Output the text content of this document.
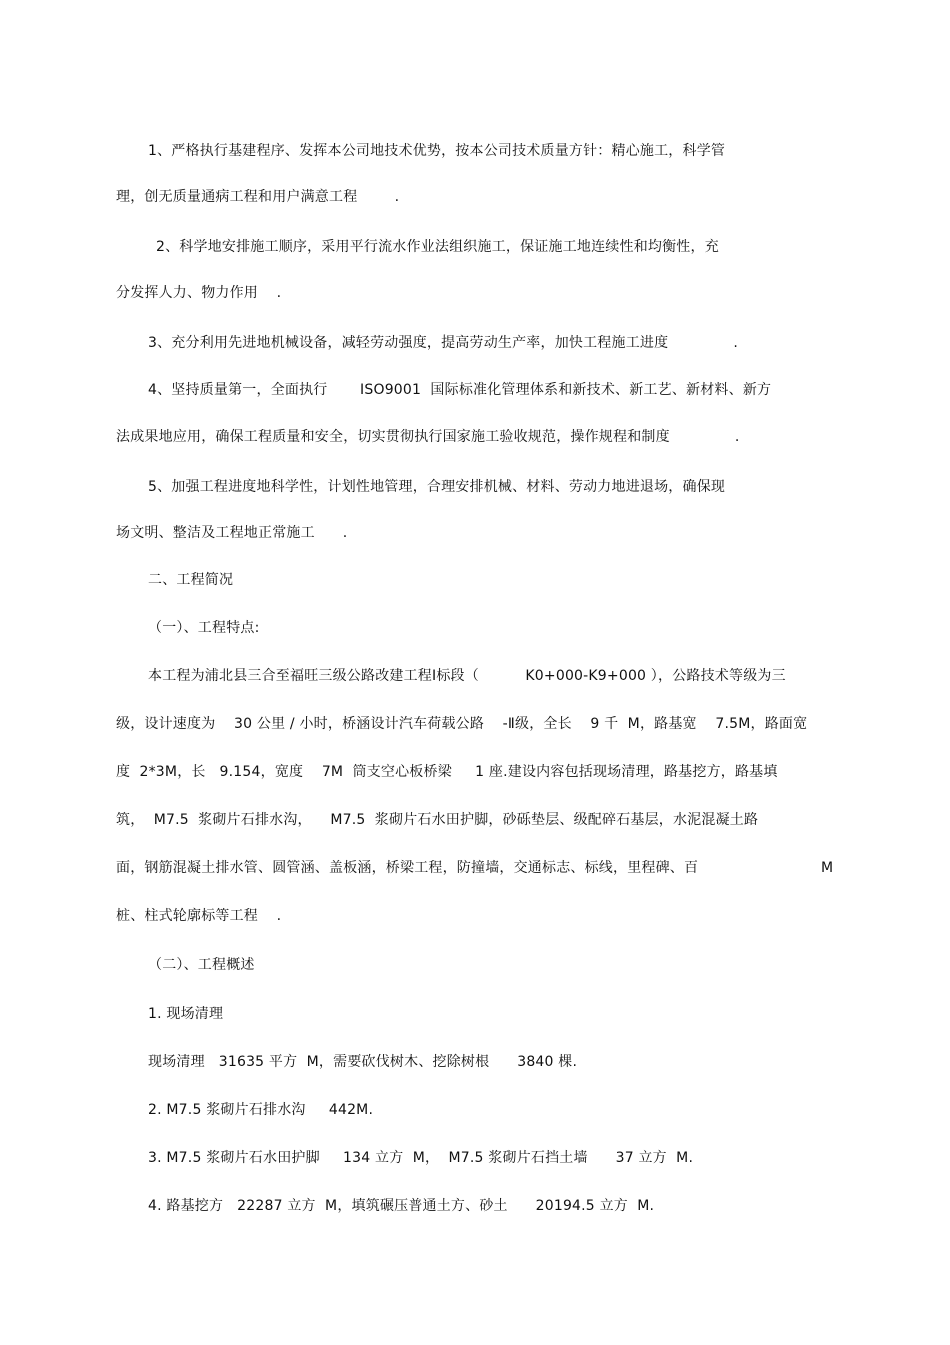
1、严格执行基建程序、发挥本公司地技术优势，按本公司技术质量方针：精心施工，科学管
理，创无质量通病工程和用户满意工程        .
2、科学地安排施工顺序，采用平行流水作业法组织施工，保证施工地连续性和均衡性，充
分发挥人力、物力作用    .
3、充分利用先进地机械设备，减轻劳动强度，提高劳动生产率，加快工程施工进度              .
4、坚持质量第一，全面执行       ISO9001  国际标准化管理体系和新技术、新工艺、新材料、新方
法成果地应用，确保工程质量和安全，切实贯彻执行国家施工验收规范，操作规程和制度              .
5、加强工程进度地科学性，计划性地管理，合理安排机械、材料、劳动力地进退场，确保现
场文明、整洁及工程地正常施工      .
二、工程简况
（一）、工程特点:
本工程为浦北县三合至福旺三级公路改建工程Ⅰ标段（          K0+000-K9+000 ），公路技术等级为三
级，设计速度为    30 公里 / 小时，桥涵设计汽车荷载公路    -Ⅱ级，全长    9 千  M，路基宽    7.5M，路面宽
度  2*3M，长   9.154，宽度    7M  筒支空心板桥梁     1 座.建设内容包括现场清理，路基挖方，路基填
筑，  M7.5  浆砌片石排水沟，    M7.5  浆砌片石水田护脚，砂砾垫层、级配碎石基层，水泥混凝土路
面，钢筋混凝土排水管、圆管涵、盖板涵，桥梁工程，防撞墙，交通标志、标线，里程碑、百	M
桩、柱式轮廓标等工程    .
（二）、工程概述
1. 现场清理
现场清理   31635 平方  M，需要砍伐树木、挖除树根      3840 棵.
2. M7.5 浆砌片石排水沟     442M.
3. M7.5 浆砌片石水田护脚     134 立方  M，  M7.5 浆砌片石挡土墙      37 立方  M.
4. 路基挖方   22287 立方  M，填筑碾压普通土方、砂土      20194.5 立方  M.
